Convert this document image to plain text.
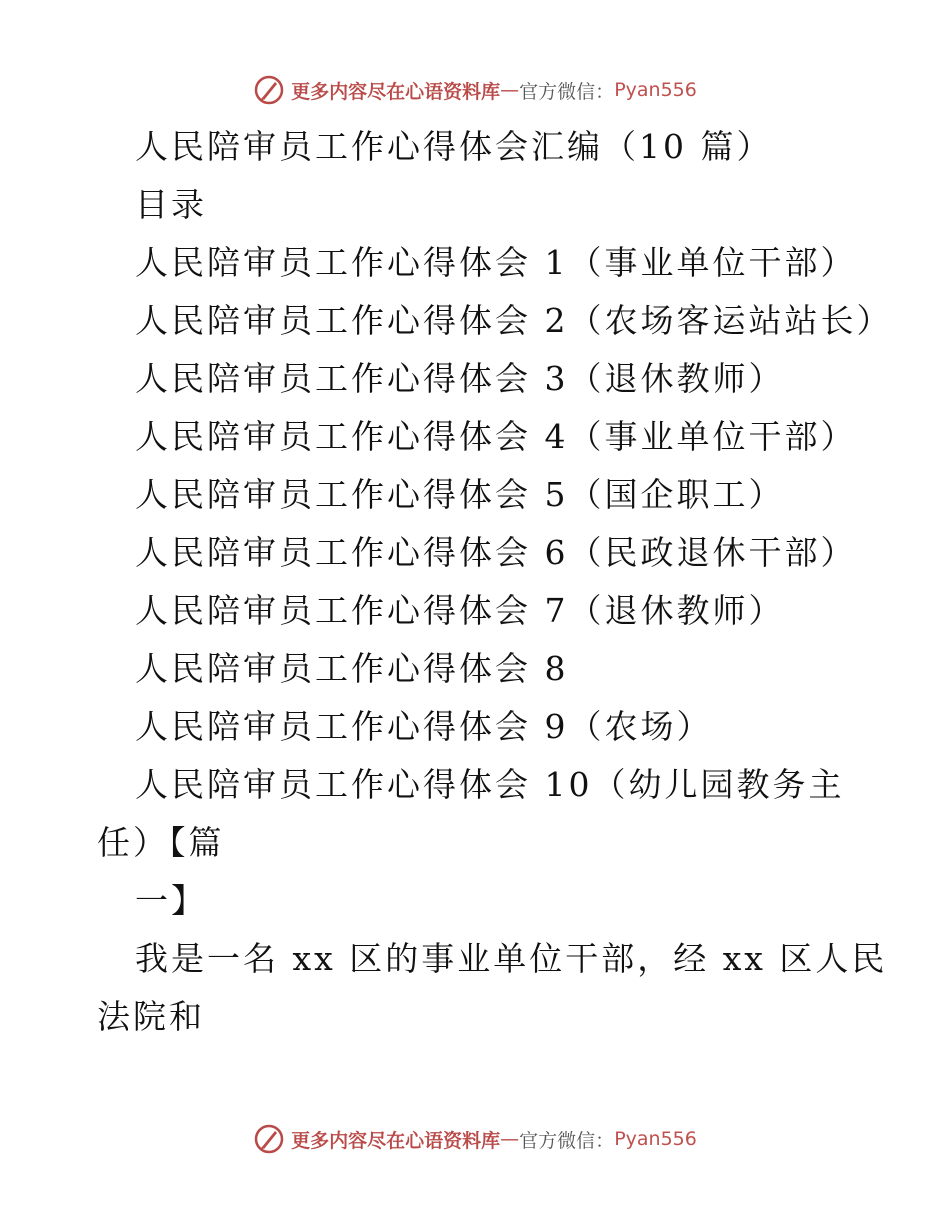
更多内容尽在心语资料库 — 官方微信： Pyan556
人民陪审员工作心得体会汇编（10 篇）
目录
人民陪审员工作心得体会 1（事业单位干部）
人民陪审员工作心得体会 2（农场客运站站长）
人民陪审员工作心得体会 3（退休教师）
人民陪审员工作心得体会 4（事业单位干部）
人民陪审员工作心得体会 5（国企职工）
人民陪审员工作心得体会 6（民政退休干部）
人民陪审员工作心得体会 7（退休教师）
人民陪审员工作心得体会 8
人民陪审员工作心得体会 9（农场）
人民陪审员工作心得体会 10（幼儿园教务主
任）【篇
一】
我是一名 xx 区的事业单位干部，经 xx 区人民
法院和
更多内容尽在心语资料库 — 官方微信： Pyan556
